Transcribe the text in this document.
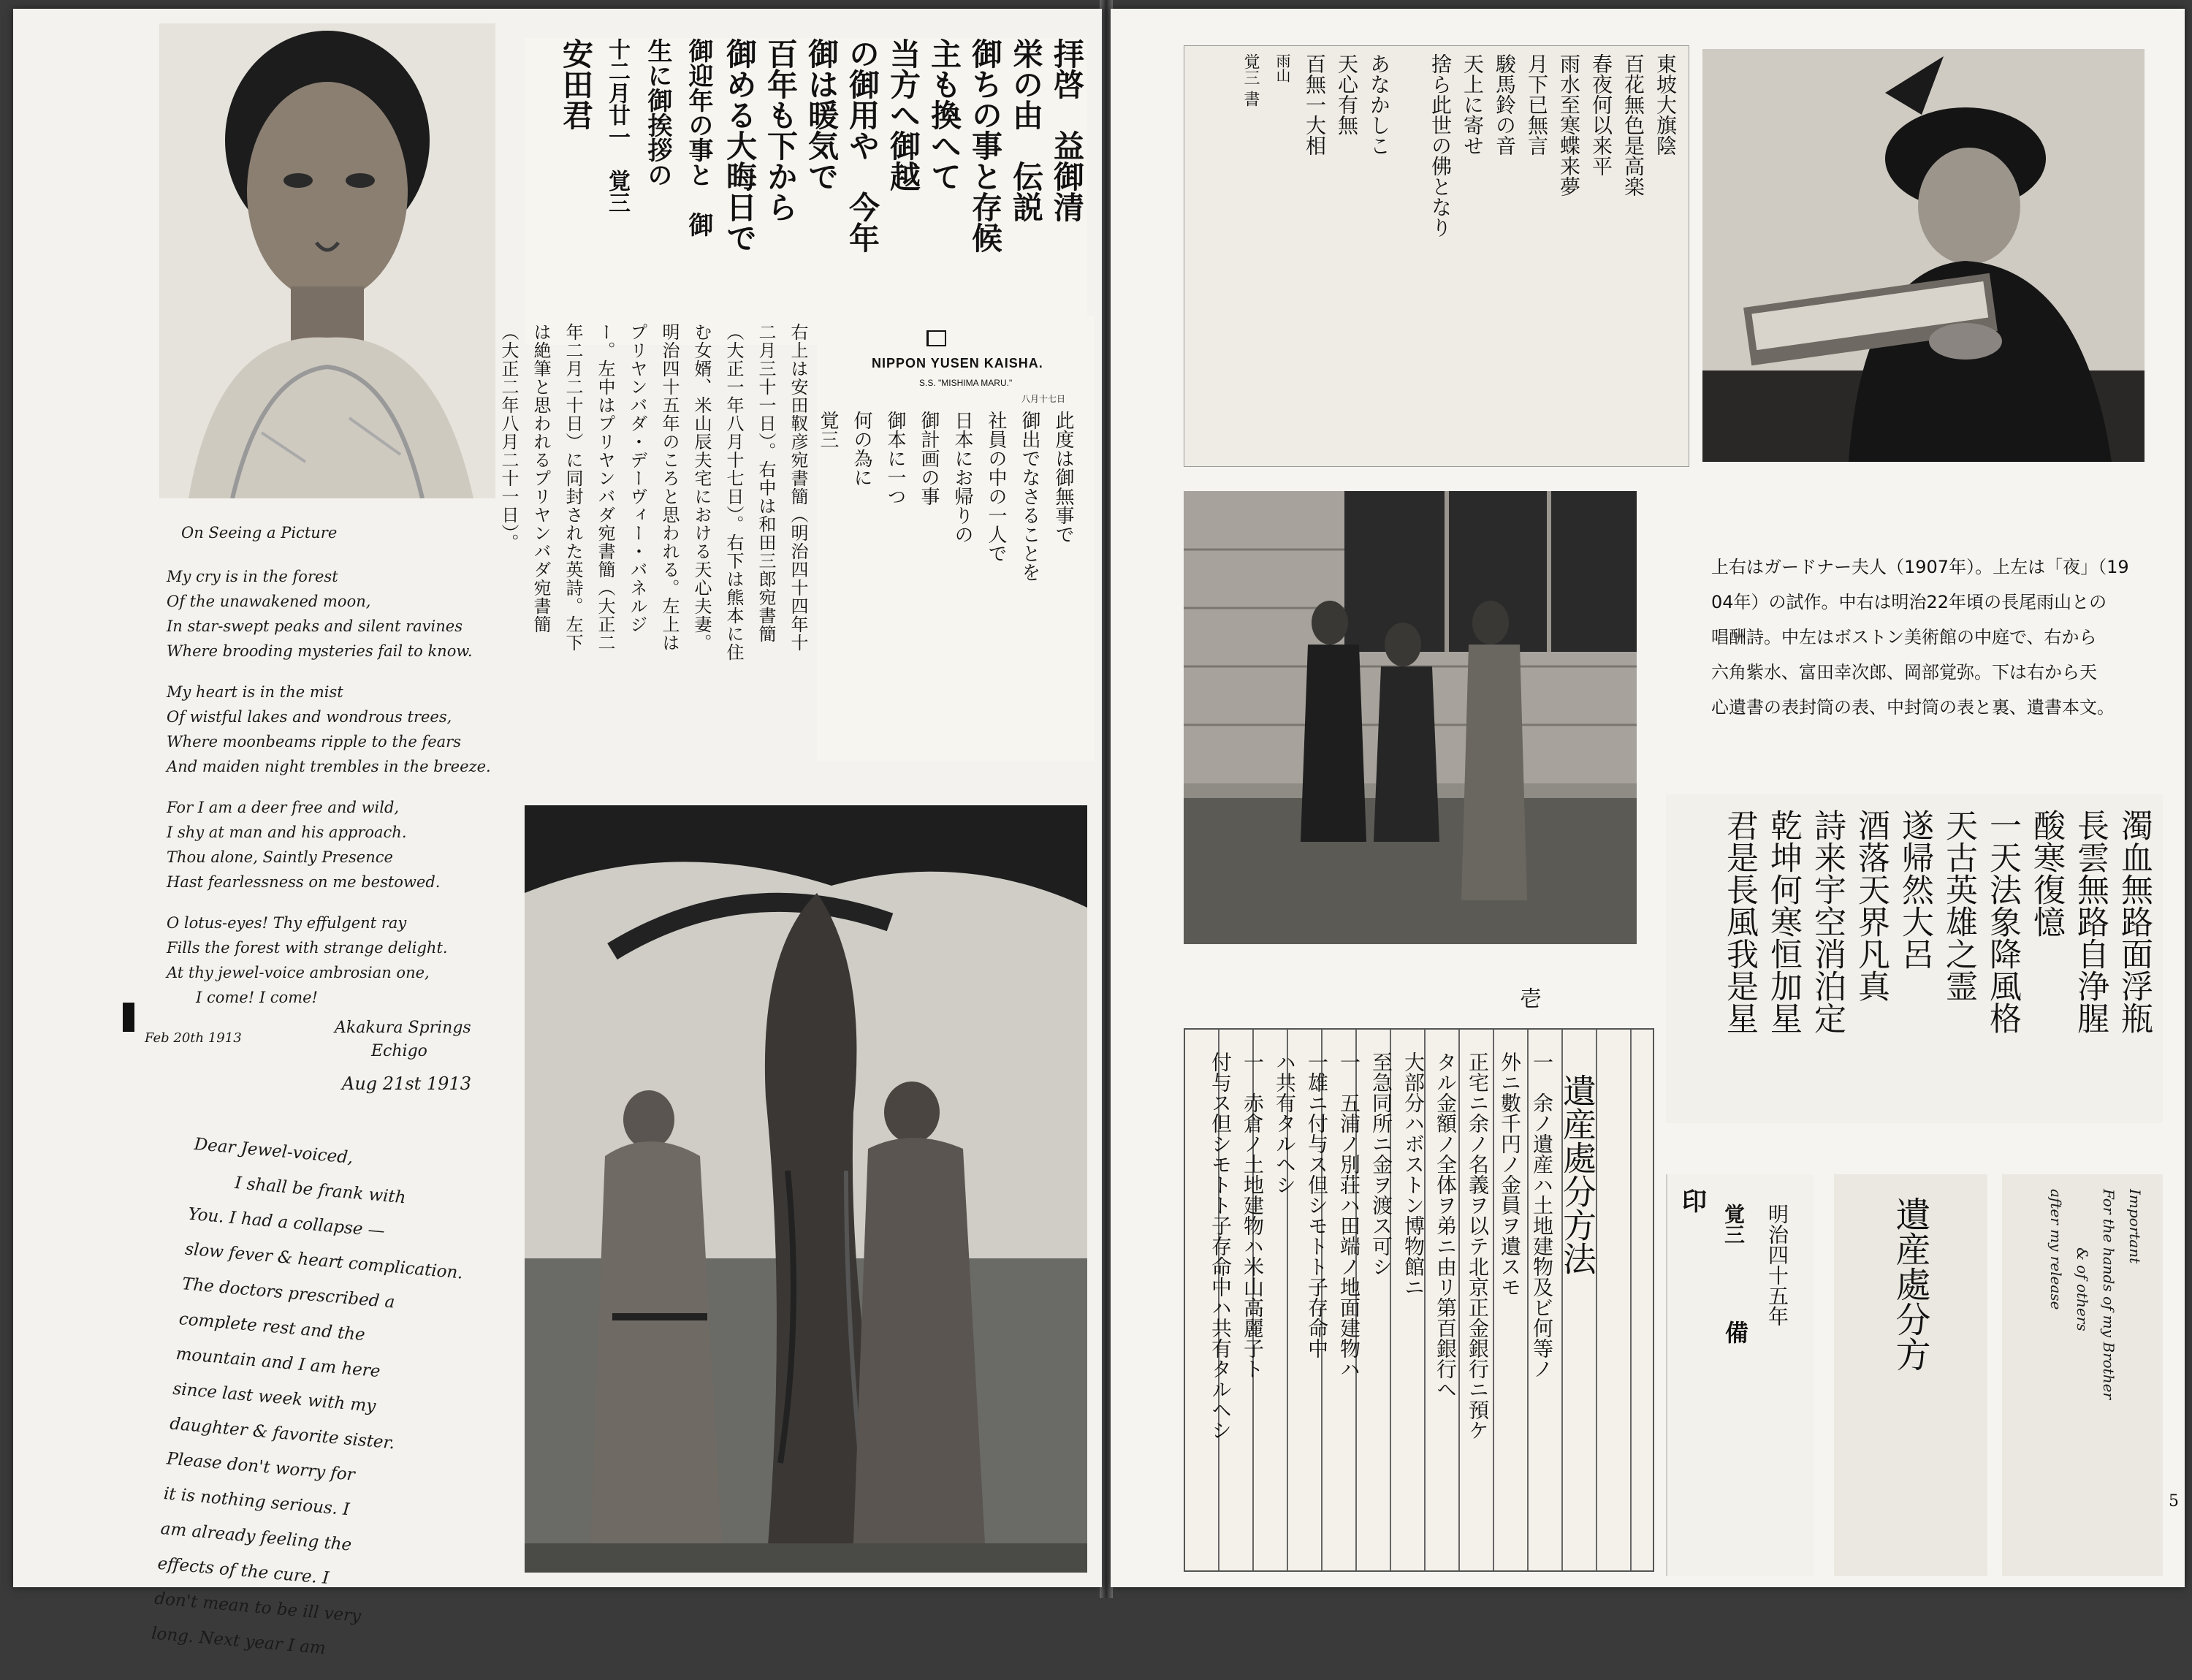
On Seeing a Picture

My cry is in the forest

Of the unawakened moon,

In star-swept peaks and silent ravines

Where brooding mysteries fail to know.

My heart is in the mist

Of wistful lakes and wondrous trees,

Where moonbeams ripple to the fears

And maiden night trembles in the breeze.

For I am a deer free and wild,

I shy at man and his approach.

Thou alone, Saintly Presence

Hast fearlessness on me bestowed.

O lotus-eyes! Thy effulgent ray

Fills the forest with strange delight.

At thy jewel-voice ambrosian one,

I come! I come!

Feb 20th 1913

Akakura Springs

Echigo

Aug 21st 1913

Dear Jewel-voiced,

I shall be frank with

You. I had a collapse —

slow fever & heart complication.

The doctors prescribed a

complete rest and the

mountain and I am here

since last week with my

daughter & favorite sister.

Please don't worry for

it is nothing serious. I

am already feeling the

effects of the cure. I

don't mean to be ill very

long. Next year I am

拝啓　益御清
栄の由　伝説
御ちの事と存候
主も換へて
当方へ御越
の御用や　今年
御は暖気で
百年も下から
御める大晦日で
御迎年の事と　御
生に御挨拶の
十二月廿一　覚三
安田君
右上は安田靫彦宛書簡（明治四十四年十二月三十一日）。右中は和田三郎宛書簡（大正一年八月十七日）。右下は熊本に住む女婿、米山辰夫宅における天心夫妻。明治四十五年のころと思われる。左上はプリヤンバダ・デーヴィー・バネルジー。左中はプリヤンバダ宛書簡（大正二年二月二十日）に同封された英詩。左下は絶筆と思われるプリヤンバダ宛書簡（大正二年八月二十一日）。	NIPPON YUSEN KAISHA.
S.S. "MISHIMA MARU."
八月十七日
此度は御無事で
御出でなさることを
社員の中の一人で
日本にお帰りの
御計画の事
御本に一つ
何の為に
覚三
東坡大旗陰
百花無色是高楽
春夜何以来平
雨水至寒蝶来夢
月下已無言
駿馬鈴の音
天上に寄せ
捨ら此世の佛となり
あなかしこ
天心有無
百無一大相
雨山
覚三 書
上右はガードナー夫人（1907年）。上左は「夜」（19
04年）の試作。中右は明治22年頃の長尾雨山との
唱酬詩。中左はボストン美術館の中庭で、右から
六角紫水、富田幸次郎、岡部覚弥。下は右から天
心遺書の表封筒の表、中封筒の表と裏、遺書本文。
濁血無路面浮瓶
長雲無路自浄腥
酸寒復憶
一天法象降風格
天古英雄之霊
遂帰然大呂
酒落天界凡真
詩来宇空消泊定
乾坤何寒恒加星
君是長風我是星
壱
遺産處分方法
一　余ノ遺産ハ土地建物及ビ何等ノ
外ニ數千円ノ金員ヲ遺スモ
正宅ニ余ノ名義ヲ以テ北京正金銀行ニ預ケ
タル金額ノ全体ヲ弟ニ由リ第百銀行ヘ
大部分ハボストン博物館ニ
至急同所ニ金ヲ渡ス可シ
一　五浦ノ別荘ハ田端ノ地面建物ハ
一雄ニ付与ス但シモトト子存命中
ハ共有タルヘシ
一　赤倉ノ土地建物ハ米山高麗子ト
付与ス但シモトト子存命中ハ共有タルヘシ	印
明治四十五年
覚三
備	遺産處分方	Important
For the hands of my Brother
& of others
after my release
5
